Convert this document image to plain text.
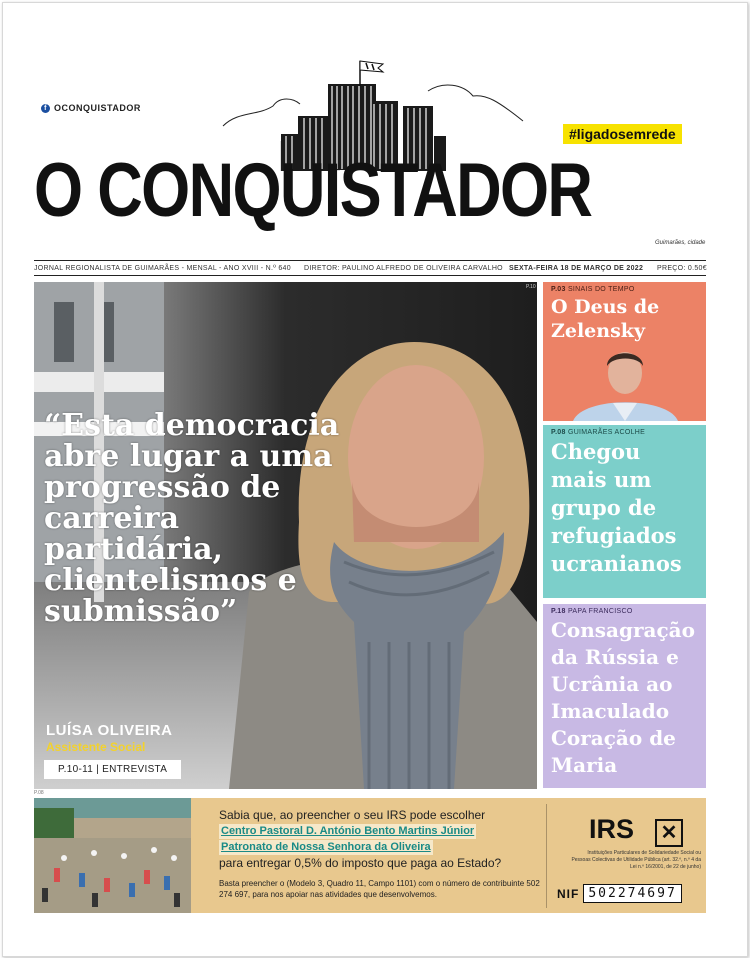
f OCONQUISTADOR
#ligadosemrede
O CONQUISTADOR
Guimarães, cidade
JORNAL REGIONALISTA DE GUIMARÃES - MENSAL - ANO XVIII - N.º 640	DIRETOR: PAULINO ALFREDO DE OLIVEIRA CARVALHO SEXTA-FEIRA 18 DE MARÇO DE 2022	PREÇO: 0.50€
P.10

“Esta democracia abre lugar a uma progressão de carreira partidária, clientelismos e submissão”

LUÍSA OLIVEIRA
Assistente Social
P.10-11 | ENTREVISTA
P.03 SINAIS DO TEMPO

O Deus de Zelensky

P.08 GUIMARÃES ACOLHE

Chegou mais um grupo de refugiados ucranianos

P.18 PAPA FRANCISCO

Consagração da Rússia e Ucrânia ao Imaculado Coração de Maria

P.08
Sabia que, ao preencher o seu IRS pode escolher
Centro Pastoral D. António Bento Martins Júnior
Patronato de Nossa Senhora da Oliveira
para entregar 0,5% do imposto que paga ao Estado?
Basta preencher o (Modelo 3, Quadro 11, Campo 1101) com o número de contribuinte 502 274 697, para nos apoiar nas atividades que desenvolvemos.
IRS ✕
Instituições Particulares de Solidariedade Social ou Pessoas Colectivas de Utilidade Pública (art. 32.º, n.º 4 da Lei n.º 16/2001, de 22 de junho)
NIF 502274697
